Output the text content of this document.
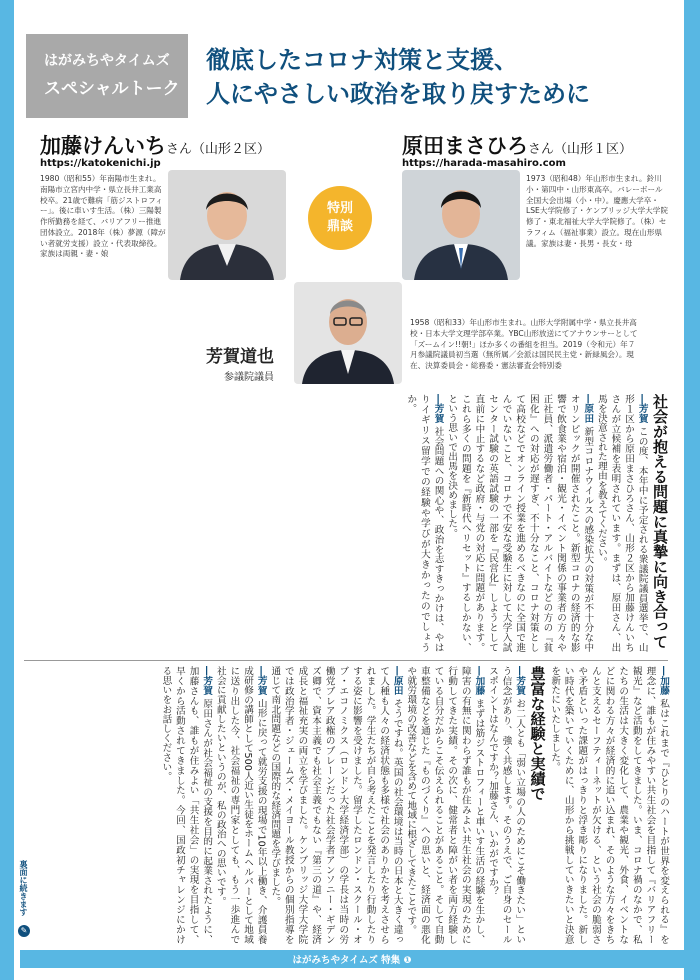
はがみちやタイムズ
スペシャルトーク
徹底したコロナ対策と支援、
人にやさしい政治を取り戻すために
加藤けんいちさん（山形２区）
https://katokenichi.jp
1980（昭和55）年南陽市生まれ。南陽市立宮内中学・県立長井工業高校卒。21歳で難病「筋ジストロフィー」。後に車いす生活。（株）三陽製作所勤務を経て、バリアフリー推進団体設立。2018年（株）夢源（障がい者就労支援）設立・代表取締役。家族は両親・妻・娘
特別
鼎談
原田まさひろさん（山形１区）
https://harada-masahiro.com
1973（昭和48）年山形市生まれ。鈴川小・第四中・山形東高卒。バレーボール全国大会出場（小・中）。慶應大学卒・LSE大学院修了・ケンブリッジ大学大学院修了・東北福祉大学大学院修了。（株）セラフィム（福祉事業）設立。現在山形県議。家族は妻・長男・長女・母
芳賀道也
参議院議員
1958（昭和33）年山形市生まれ。山形大学附属中学・県立長井高校・日本大学文理学部卒業。YBC山形放送にてアナウンサーとして「ズームイン!!朝!」ほか多くの番組を担当。2019（令和元）年７月参議院議員初当選（無所属／会派は国民民主党・新緑風会）。現在、決算委員会・総務委・憲法審査会特別委
社会が抱える問題に真摯に向き合って
―芳賀 この度、本年中に予定される衆議院議員選挙で、山形１区から原田まさひろさん、山形２区から加藤けんいちさんが立候補を表明されています。まずは、原田さん、出馬を決意された理由を教えてください。
―原田 新型コロナウイルスの感染拡大の対策が不十分な中オリンピックが開催されたこと。新型コロナの経済的な影響で飲食業や宿泊・観光・イベント関係の事業者の方々や正社員、派遣労働者・パート・アルバイトなどの方の『貧困化』への対応が遅すぎ、不十分なこと、コロナ対策として高校などでオンライン授業を進めるべきなのに全国で進んでいないこと、コロナで不安な受験生に対して大学入試センター試験の英語試験の一部を『民営化』しようとして直前に中止するなど政府・与党の対応に問題があります。これら多くの問題を『新時代へリセット』するしかない、という思いで出馬を決めました。
―芳賀 社会問題への関心や、政治を志すきっかけは、やはりイギリス留学での経験や学びが大きかったのでしょうか。
―加藤 私はこれまで『ひとりのハートが世界を変えられる』を理念に、誰もが住みやすい共生社会を目指して『バリアフリー観光』など活動をしてきました。いま、コロナ禍のなかで、私たちの生活は大きく変化して、農業や観光、外食、イベントなどに関わる方々が経済的に追い込まれ、そのような方々をきちんと支えるセーフティーネットが欠ける、という社会の脆弱さや矛盾といった課題がはっきりと浮き彫りになりました。新しい時代を築いていくために、山形から挑戦していきたいと決意を新たにいたしました。
豊富な経験と実績で
―芳賀 お二人とも「弱い立場の人のためにこそ働きたい」という信念があり、強く共感します。そのうえで、ご自身のセールスポイントはなんですか？加藤さん、いかがですか？
―加藤 まずは筋ジストロフィーと車いす生活の経験を生かし、障害の有無に関わらず誰もが住みよい共生社会の実現のために行動してきた実績。その次に、健常者と障がい者を両方経験している自分だからこそ伝えられることがあること。そして自動車整備などを通じた『ものづくり』への思いと、経済面の悪化や就労環境の改善などを含めて地域に根ざしてきたことです。
―原田 そうですね。英国の社会環境は当時の日本と大きく違って人種も人々の経済状態も多様で社会のありかたを考えさせられました。学生たちが自ら考えたことを発言したり行動したりする姿に影響を受けました。留学したロンドン・スクール・オブ・エコノミクス（ロンドン大学経済学部）の学長は当時の労働党ブレア政権のブレーンだった社会学者アンソニー・ギデンズ卿で、資本主義でも社会主義でもない『第三の道』や、経済成長と福祉充実の両立を学びました。ケンブリッジ大学大学院では政治学者・ジェームズ・メイヨール教授からの個別指導を通じて南北問題などの国際的な経済問題を学びました。
―芳賀 山形に戻って就労支援の現場で10年以上働き、介護員養成研修の講師として500人近い生徒をホームヘルパーとして地域に送り出した今、社会福祉の専門家としても、もう一歩進んで社会に貢献したいというのが、私の政治への思いです。
―芳賀 原田さんが社会福祉の支援を目的に起業されたように、加藤さんも、誰もが住みよい「共生社会」の実現を目指して、早くから活動されてきました。今回、国政初チャレンジにかける思いをお話しください。
裏面に続きます
✎
はがみちやタイムズ 特集 ❶
